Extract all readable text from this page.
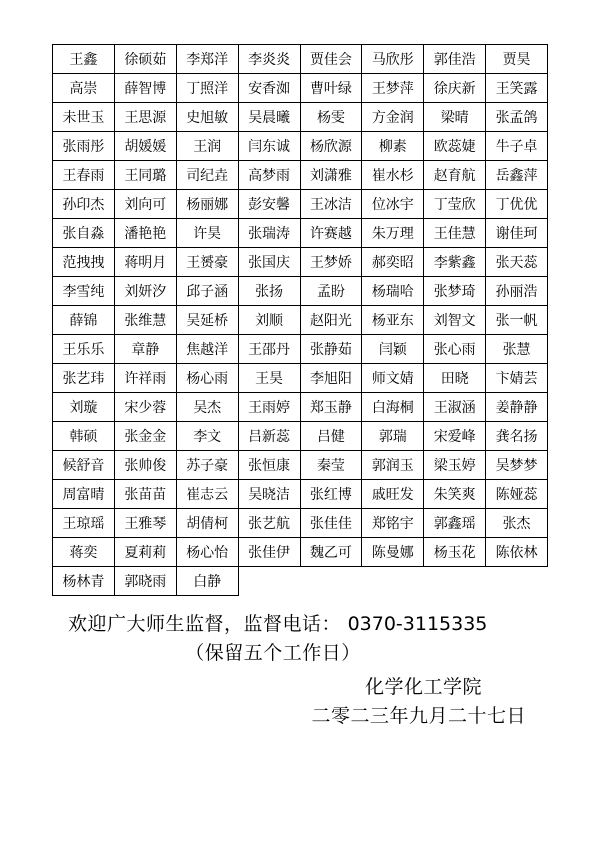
王鑫	徐硕茹	李郑洋	李炎炎	贾佳会	马欣彤	郭佳浩	贾昊
高崇	薛智博	丁照洋	安香洳	曹叶绿	王梦萍	徐庆新	王笑露
未世玉	王思源	史旭敏	吴晨曦	杨雯	方金润	梁晴	张孟鸽
张雨彤	胡媛媛	王润	闫东诚	杨欣源	柳素	欧蕊婕	牛子卓
王春雨	王同璐	司纪垚	高梦雨	刘潇雅	崔水杉	赵育航	岳鑫萍
孙印杰	刘向可	杨丽娜	彭安馨	王冰洁	位冰宇	丁莹欣	丁优优
张自淼	潘艳艳	许昊	张瑞涛	许赛越	朱万理	王佳慧	谢佳珂
范拽拽	蒋明月	王赟豪	张国庆	王梦娇	郝奕昭	李紫鑫	张天蕊
李雪纯	刘妍汐	邱子涵	张扬	孟盼	杨瑞哈	张梦琦	孙丽浩
薛锦	张维慧	吴延桥	刘顺	赵阳光	杨亚东	刘智文	张一帆
王乐乐	章静	焦越洋	王邵丹	张静茹	闫颖	张心雨	张慧
张艺玮	许祥雨	杨心雨	王昊	李旭阳	师文婧	田晓	卞婧芸
刘璇	宋少蓉	吴杰	王雨婷	郑玉静	白海桐	王淑涵	姜静静
韩硕	张金金	李文	吕新蕊	吕健	郭瑞	宋爱峰	龚名扬
候舒音	张帅俊	苏子豪	张恒康	秦莹	郭润玉	梁玉婷	吴梦梦
周富晴	张苗苗	崔志云	吴晓洁	张红博	戚旺发	朱笑爽	陈娅蕊
王琼瑶	王雅琴	胡倩柯	张艺航	张佳佳	郑铭宇	郭鑫瑶	张杰
蒋奕	夏莉莉	杨心怡	张佳伊	魏乙可	陈曼娜	杨玉花	陈依林
杨林青	郭晓雨	白静					
欢迎广大师生监督，监督电话： 0370-3115335
（保留五个工作日）
化学化工学院
二零二三年九月二十七日
